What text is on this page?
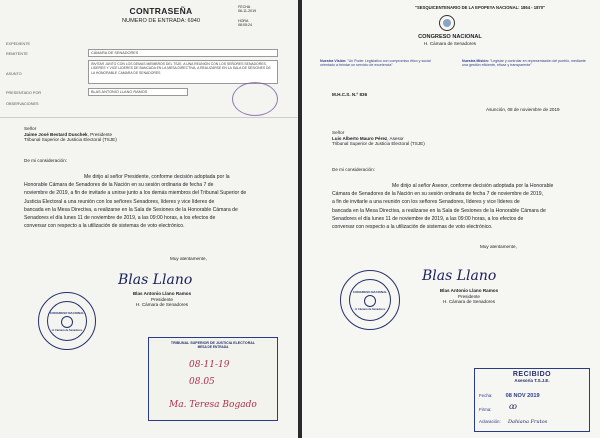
CONTRASEÑA
NUMERO DE ENTRADA: 6940
FECHA
06-11-2019
HORA
08:05:24
EXPEDIENTE
REMITENTE	CÁMARA DE SENADORES
ASUNTO
INVITAR JUNTO CON LOS DEMAS MIEMBROS DEL TSJE, A UNA REUNION CON LOS SEÑORES SENADORES, LIDERES Y VICE LIDERES DE BANCADA EN LA MESA DIRECTIVA, A REALIZARSE EN LA SALA DE SESIONES DE LA HONORABLE CAMARA DE SENADORES
PRESENTADO POR	BLAS ANTONIO LLANO RAMOS
OBSERVACIONES
Señor
Jaime José Bestard Duschek, Presidente
Tribunal Superior de Justicia Electoral (TSJE)
De mi consideración:
Me dirijo al señor Presidente, conforme decisión adoptada por la
Honorable Cámara de Senadores de la Nación en su sesión ordinaria de fecha 7 de
noviembre de 2019, a fin de invitarle a unirse junto a los demás miembros del Tribunal Superior de
Justicia Electoral a una reunión con los señores Senadores, líderes y vice líderes de
bancada en la Mesa Directiva, a realizarse en la Sala de Sesiones de la Honorable Cámara de
Senadores el día lunes 11 de noviembre de 2019, a las 09:00 horas, a los efectos de
conversar con respecto a la utilización de sistemas de voto electrónico.
Muy atentamente,
Blas Llano
Blas Antonio Llano Ramos
Presidente
H. Cámara de Senadores
CONGRESO NACIONAL
H. Cámara de Senadores
TRIBUNAL SUPERIOR DE JUSTICIA ELECTORAL
MESA DE ENTRADA
08-11-19
08.05
Ma. Teresa Bogado
"SESQUICENTENARIO DE LA EPOPEYA NACIONAL: 1864 - 1870"
CONGRESO NACIONAL
H. Cámara de Senadores
Nuestra Visión: "Un Poder Legislativo con compromiso ético y social orientado a brindar un servicio de excelencia"
Nuestra Misión: "Legislar y controlar en representación del pueblo, mediante una gestión eficiente, eficaz y transparente"
M.H.C.S. N.º 836
Asunción, 08 de noviembre de 2019
Señor
Luis Alberto Mauro Pérez, Asesor
Tribunal Superior de Justicia Electoral (TSJE)
De mi consideración:
Me dirijo al señor Asesor, conforme decisión adoptada por la Honorable
Cámara de Senadores de la Nación en su sesión ordinaria de fecha 7 de noviembre de 2019,
a fin de invitarle a una reunión con los señores Senadores, líderes y vice líderes de
bancada en la Mesa Directiva, a realizarse en la Sala de Sesiones de la Honorable Cámara de
Senadores el día lunes 11 de noviembre de 2019, a las 09:00 horas, a los efectos de
conversar con respecto a la utilización de sistemas de voto electrónico.
Muy atentamente,
Blas Llano
Blas Antonio Llano Ramos
Presidente
H. Cámara de Senadores
CONGRESO NACIONAL
H. Cámara de Senadores
RECIBIDO
Asesoría T.S.J.E.
Fecha: 08 NOV 2019
Firma: ꝏ
Aclaración: Dahiana Frutos
